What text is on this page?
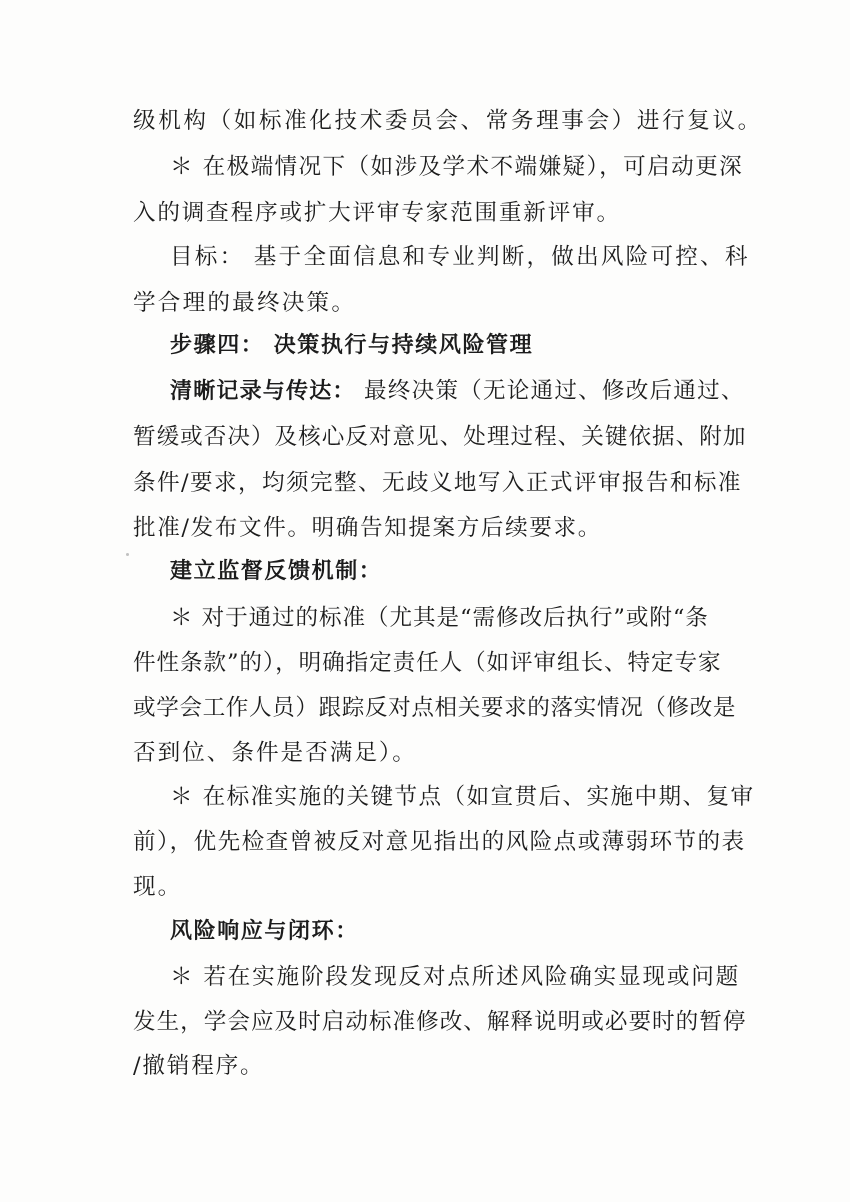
级机构（如标准化技术委员会、常务理事会）进行复议。
＊ 在极端情况下（如涉及学术不端嫌疑），可启动更深
入的调查程序或扩大评审专家范围重新评审。
目标： 基于全面信息和专业判断，做出风险可控、科
学合理的最终决策。
步骤四： 决策执行与持续风险管理
清晰记录与传达： 最终决策（无论通过、修改后通过、
暂缓或否决）及核心反对意见、处理过程、关键依据、附加
条件/要求，均须完整、无歧义地写入正式评审报告和标准
批准/发布文件。明确告知提案方后续要求。
建立监督反馈机制：
＊ 对于通过的标准（尤其是“需修改后执行”或附“条
件性条款”的），明确指定责任人（如评审组长、特定专家
或学会工作人员）跟踪反对点相关要求的落实情况（修改是
否到位、条件是否满足）。
＊ 在标准实施的关键节点（如宣贯后、实施中期、复审
前），优先检查曾被反对意见指出的风险点或薄弱环节的表
现。
风险响应与闭环：
＊ 若在实施阶段发现反对点所述风险确实显现或问题
发生，学会应及时启动标准修改、解释说明或必要时的暂停
/撤销程序。
